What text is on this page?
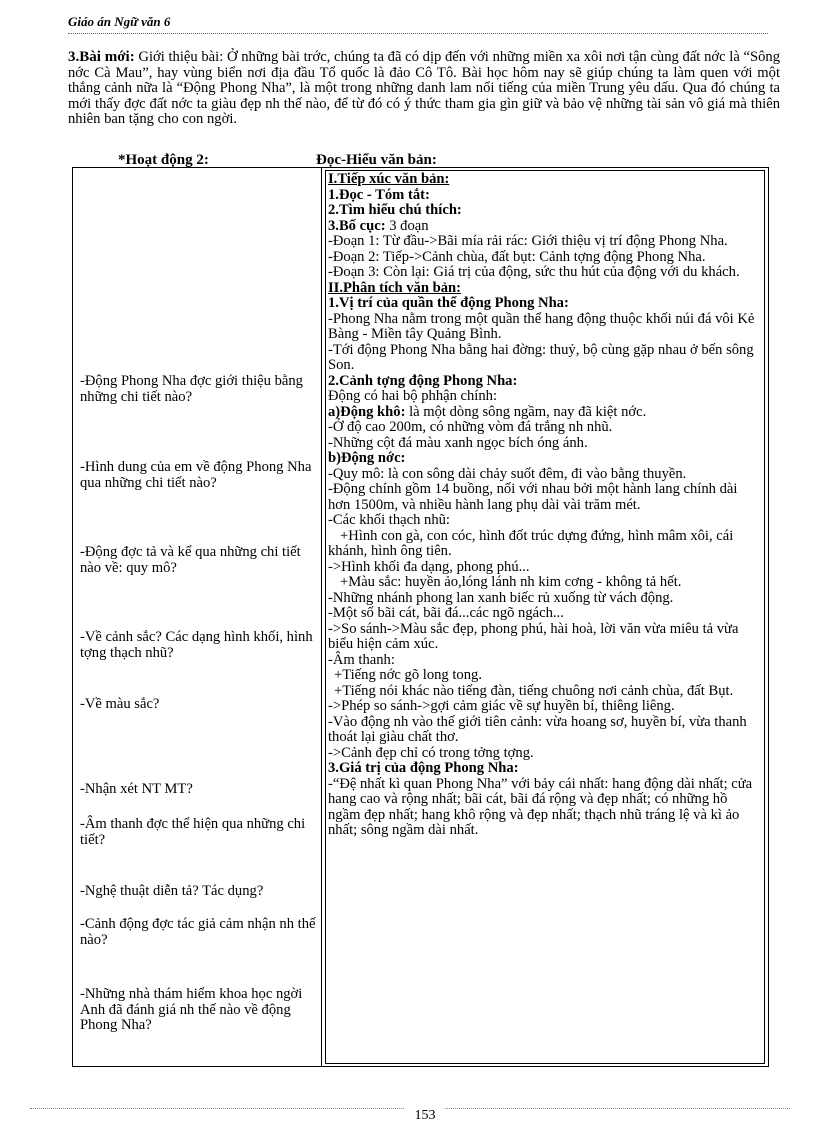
Giáo án Ngữ văn 6
3.Bài mới: Giới thiệu bài: Ở những bài trớc, chúng ta đã có dịp đến với những miền xa xôi nơi tận cùng đất nớc là “Sông nớc Cà Mau”, hay vùng biển nơi địa đầu Tổ quốc là đảo Cô Tô. Bài học hôm nay sẽ giúp chúng ta làm quen với một thắng cảnh nữa là “Động Phong Nha”, là một trong những danh lam nổi tiếng của miền Trung yêu dấu. Qua đó chúng ta mới thấy đợc đất nớc ta giàu đẹp nh thế nào, để từ đó có ý thức tham gia gìn giữ và bảo vệ những tài sản vô giá mà thiên nhiên ban tặng cho con ngời.
*Hoạt động 2:	Đọc-Hiểu văn bản:
-Động Phong Nha đợc giới thiệu bằng những chi tiết nào?
-Hình dung của em về động Phong Nha qua những chi tiết nào?
-Động đợc tả và kể qua những chi tiết nào về: quy mô?
-Về cảnh sắc? Các dạng hình khối, hình tợng thạch nhũ?
-Về màu sắc?
-Nhận xét NT MT?
-Âm thanh đợc thể hiện qua những chi tiết?
-Nghệ thuật diễn tả? Tác dụng?
-Cảnh động đợc tác giả cảm nhận nh thế nào?
-Những nhà thám hiểm khoa học ngời Anh đã đánh giá nh thế nào về động Phong Nha?
I.Tiếp xúc văn bản:
1.Đọc - Tóm tắt:
2.Tìm hiểu chú thích:
3.Bố cục: 3 đoạn
-Đoạn 1: Từ đầu->Bãi mía rải rác: Giới thiệu vị trí động Phong Nha.
-Đoạn 2: Tiếp->Cảnh chùa, đất bụt: Cảnh tợng động Phong Nha.
-Đoạn 3: Còn lại: Giá trị của động, sức thu hút của động với du khách.
II.Phân tích văn bản:
1.Vị trí của quần thể động Phong Nha:
-Phong Nha nằm trong một quần thể hang động thuộc khối núi đá vôi Kẻ Bàng - Miền tây Quảng Bình.
-Tới động Phong Nha bằng hai đờng: thuỷ, bộ cùng gặp nhau ở bến sông Son.
2.Cảnh tợng động Phong Nha:
Động có hai bộ phhận chính:
a)Động khô: là một dòng sông ngầm, nay đã kiệt nớc.
-Ở độ cao 200m, có những vòm đá trắng nh nhũ.
-Những cột đá màu xanh ngọc bích óng ánh.
b)Động nớc:
-Quy mô: là con sông dài chảy suốt đêm, đi vào bằng thuyền.
-Động chính gồm 14 buồng, nối với nhau bởi một hành lang chính dài hơn 1500m, và nhiều hành lang phụ dài vài trăm mét.
-Các khối thạch nhũ:
+Hình con gà, con cóc, hình đốt trúc dựng đứng, hình mâm xôi, cái khánh, hình ông tiên.
->Hình khối đa dạng, phong phú...
+Màu sắc: huyền ảo,lóng lánh nh kim cơng - không tả hết.
-Những nhánh phong lan xanh biếc rủ xuống từ vách động.
-Một số bãi cát, bãi đá...các ngõ ngách...
->So sánh->Màu sắc đẹp, phong phú, hài hoà, lời văn vừa miêu tả vừa biểu hiện cảm xúc.
-Âm thanh:
+Tiếng nớc gõ long tong.
+Tiếng nói khác nào tiếng đàn, tiếng chuông nơi cảnh chùa, đất Bụt.
->Phép so sánh->gợi cảm giác về sự huyền bí, thiêng liêng.
-Vào động nh vào thế giới tiên cảnh: vừa hoang sơ, huyền bí, vừa thanh thoát lại giàu chất thơ.
->Cảnh đẹp chỉ có trong tởng tợng.
3.Giá trị của động Phong Nha:
-“Đệ nhất kì quan Phong Nha” với bảy cái nhất: hang động dài nhất; cửa hang cao và rộng nhất; bãi cát, bãi đá rộng và đẹp nhất; có những hồ ngầm đẹp nhất; hang khô rộng và đẹp nhất; thạch nhũ tráng lệ và kì ảo nhất; sông ngầm dài nhất.
153
